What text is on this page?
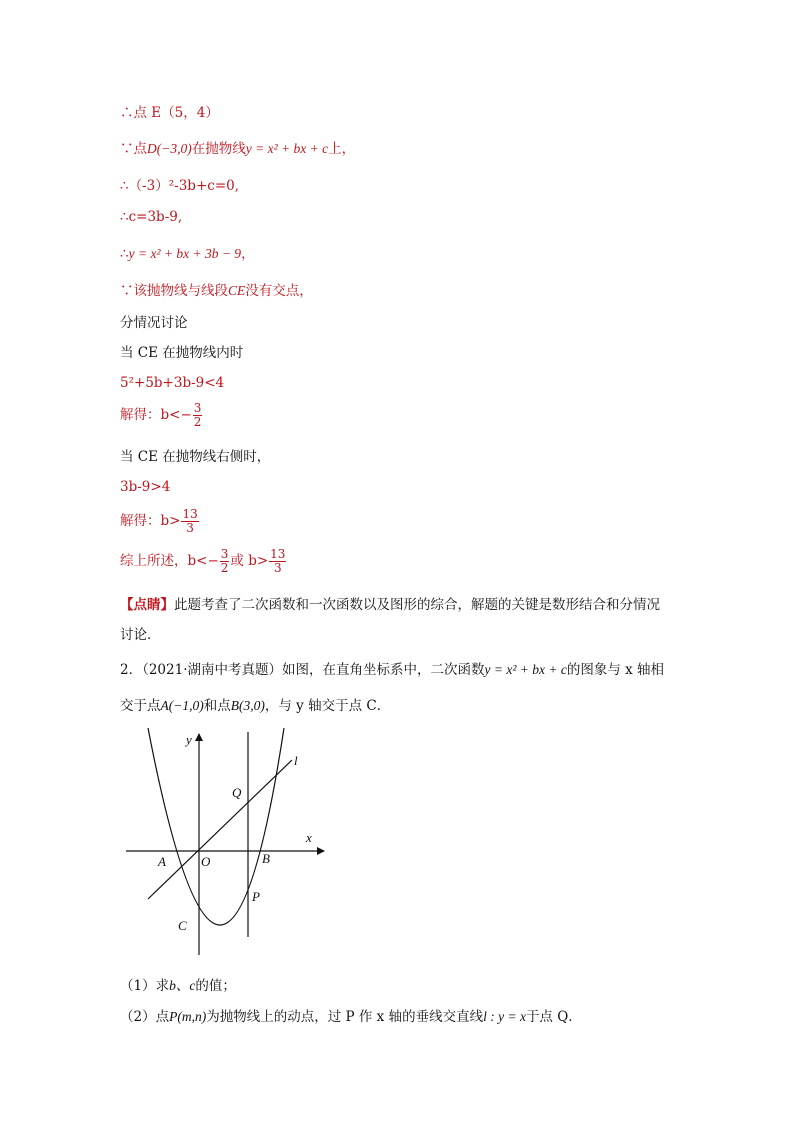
∴点 E（5，4）
∵点D(−3,0)在抛物线y = x² + bx + c上，
∴（-3）²-3b+c=0,
∴c=3b-9,
∴y = x² + bx + 3b − 9，
∵该抛物线与线段CE没有交点，
分情况讨论
当 CE 在抛物线内时
5²+5b+3b-9<4
解得：$b<- \frac{3}{2}$
当 CE 在抛物线右侧时，
3b-9>4
解得：$b> \frac{13}{3}$
综上所述，$b<- \frac{3}{2}$ 或 $b> \frac{13}{3}$
【点睛】此题考查了二次函数和一次函数以及图形的综合，解题的关键是数形结合和分情况
讨论．
2．（2021·湖南中考真题）如图，在直角坐标系中，二次函数y = x² + bx + c的图象与 x 轴相
交于点A(−1,0)和点B(3,0)，与 y 轴交于点 C．
y
x
l
Q
A	O	B
P
C
（1）求b、c的值；
（2）点P(m,n)为抛物线上的动点，过 P 作 x 轴的垂线交直线l : y = x于点 Q．
